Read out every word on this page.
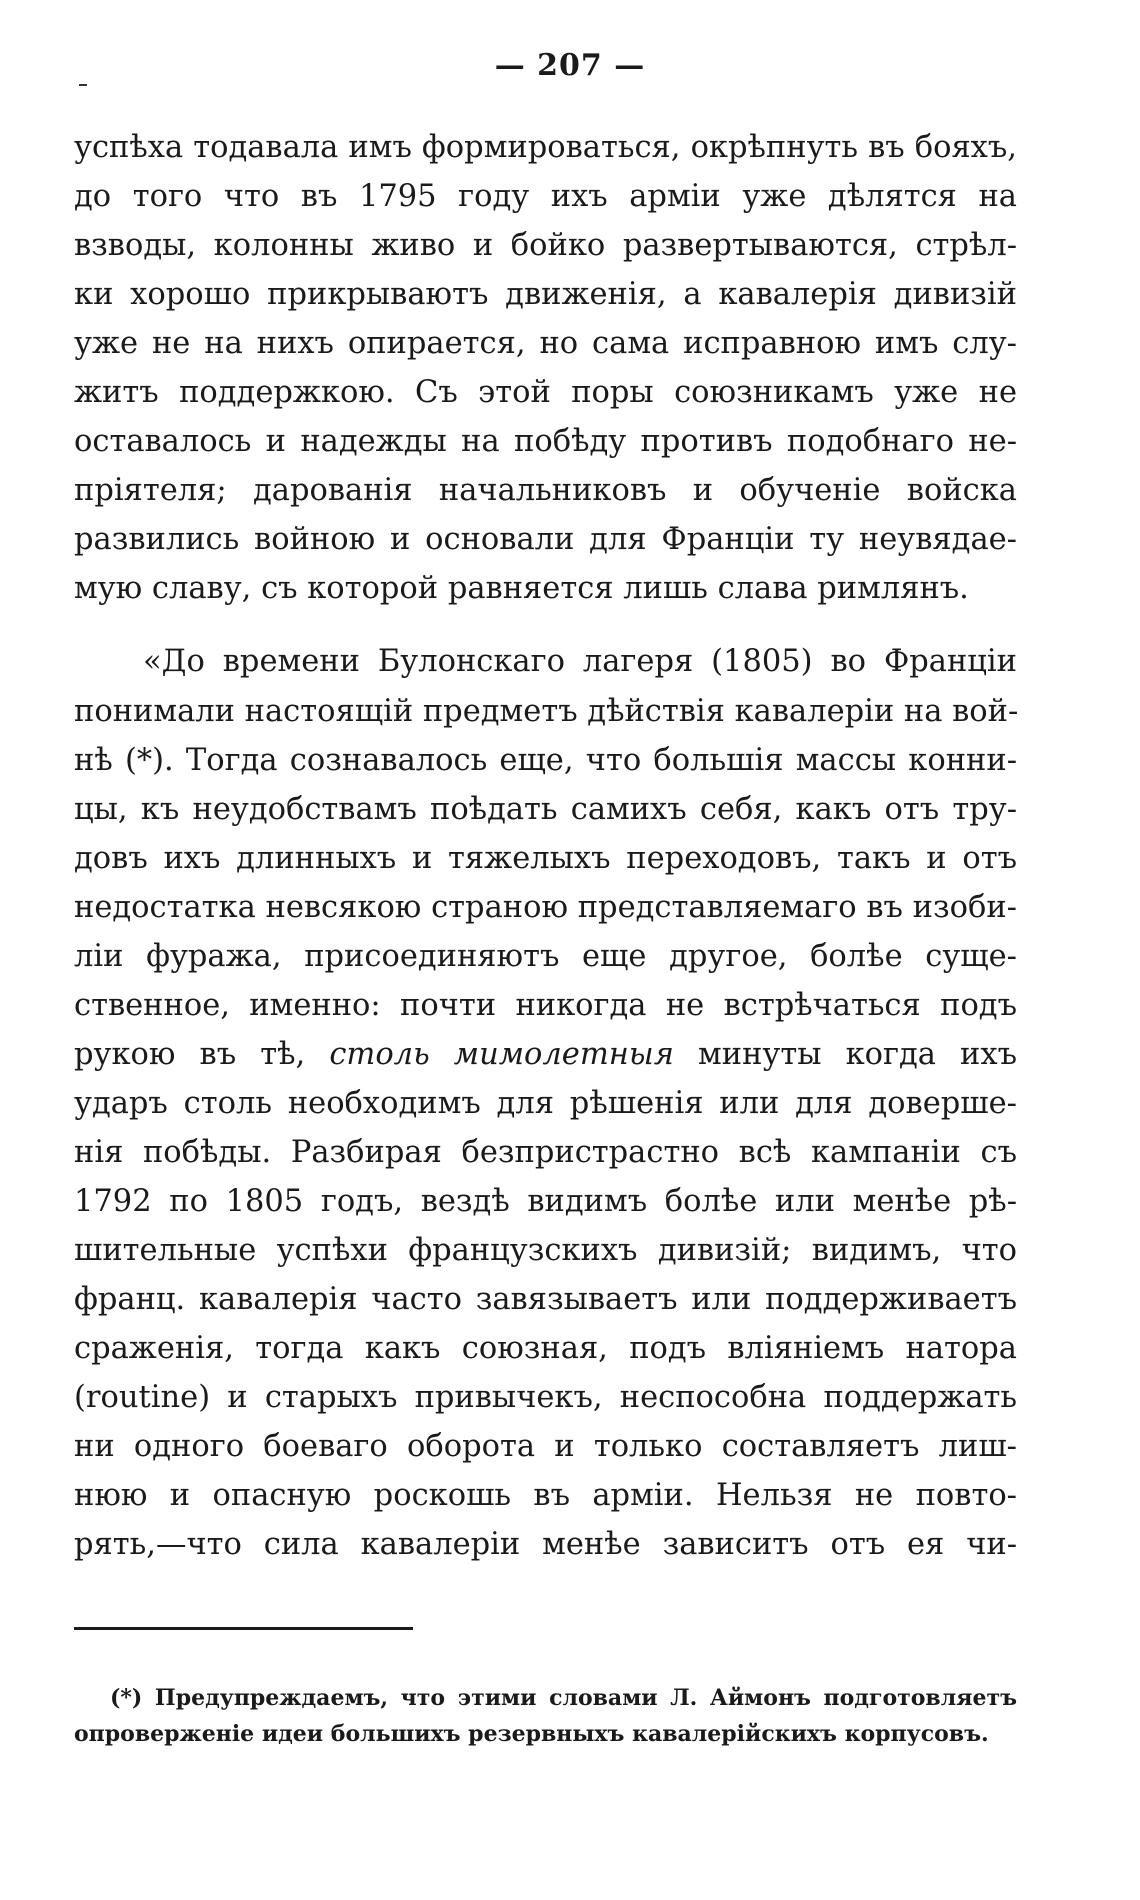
— 207 —
успѣха тодавала имъ формироваться, окрѣпнуть въ бояхъ,
до того что въ 1795 году ихъ арміи уже дѣлятся на
взводы, колонны живо и бойко развертываются, стрѣл-
ки хорошо прикрываютъ движенія, а кавалерія дивизій
уже не на нихъ опирается, но сама исправною имъ слу-
житъ поддержкою. Съ этой поры союзникамъ уже не
оставалось и надежды на побѣду противъ подобнаго не-
пріятеля; дарованія начальниковъ и обученіе войска
развились войною и основали для Франціи ту неувядае-
мую славу, съ которой равняется лишь слава римлянъ.
«До времени Булонскаго лагеря (1805) во Франціи
понимали настоящій предметъ дѣйствія кавалеріи на вой-
нѣ (*). Тогда сознавалось еще, что большія массы конни-
цы, къ неудобствамъ поѣдать самихъ себя, какъ отъ тру-
довъ ихъ длинныхъ и тяжелыхъ переходовъ, такъ и отъ
недостатка невсякою страною представляемаго въ изоби-
ліи фуража, присоединяютъ еще другое, болѣе суще-
ственное, именно: почти никогда не встрѣчаться подъ
рукою въ тѣ, столь мимолетныя минуты когда ихъ
ударъ столь необходимъ для рѣшенія или для доверше-
нія побѣды. Разбирая безпристрастно всѣ кампаніи съ
1792 по 1805 годъ, вездѣ видимъ болѣе или менѣе рѣ-
шительные успѣхи французскихъ дивизій; видимъ, что
франц. кавалерія часто завязываетъ или поддерживаетъ
сраженія, тогда какъ союзная, подъ вліяніемъ натора
(routine) и старыхъ привычекъ, неспособна поддержать
ни одного боеваго оборота и только составляетъ лиш-
нюю и опасную роскошь въ арміи. Нельзя не повто-
рять,—что сила кавалеріи менѣе зависитъ отъ ея чи-
(*) Предупреждаемъ, что этими словами Л. Аймонъ подготовляетъ
опроверженіе идеи большихъ резервныхъ кавалерійскихъ корпусовъ.
